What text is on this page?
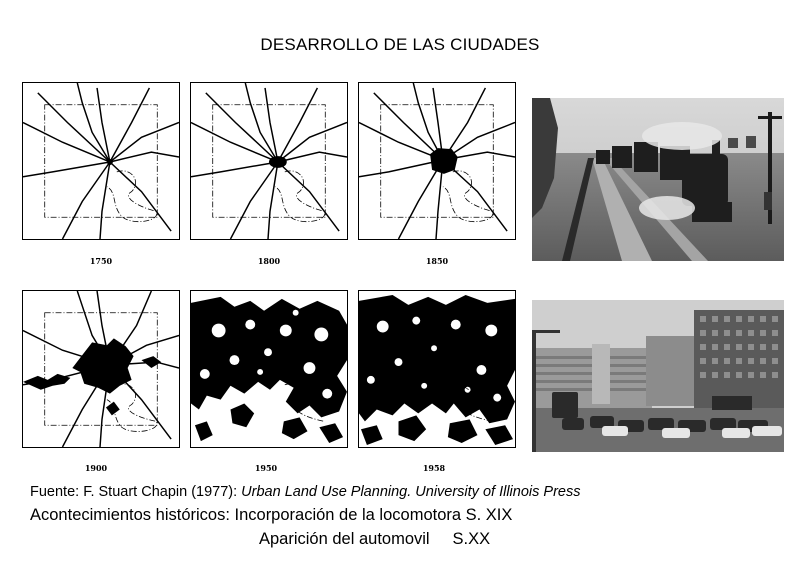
DESARROLLO DE LAS CIUDADES
1750	1800	1850
1900	1950	1958
Fuente: F. Stuart Chapin (1977): Urban Land Use Planning. University of Illinois Press
Acontecimientos históricos: Incorporación de la locomotora S. XIX
Aparición del automovil     S.XX
